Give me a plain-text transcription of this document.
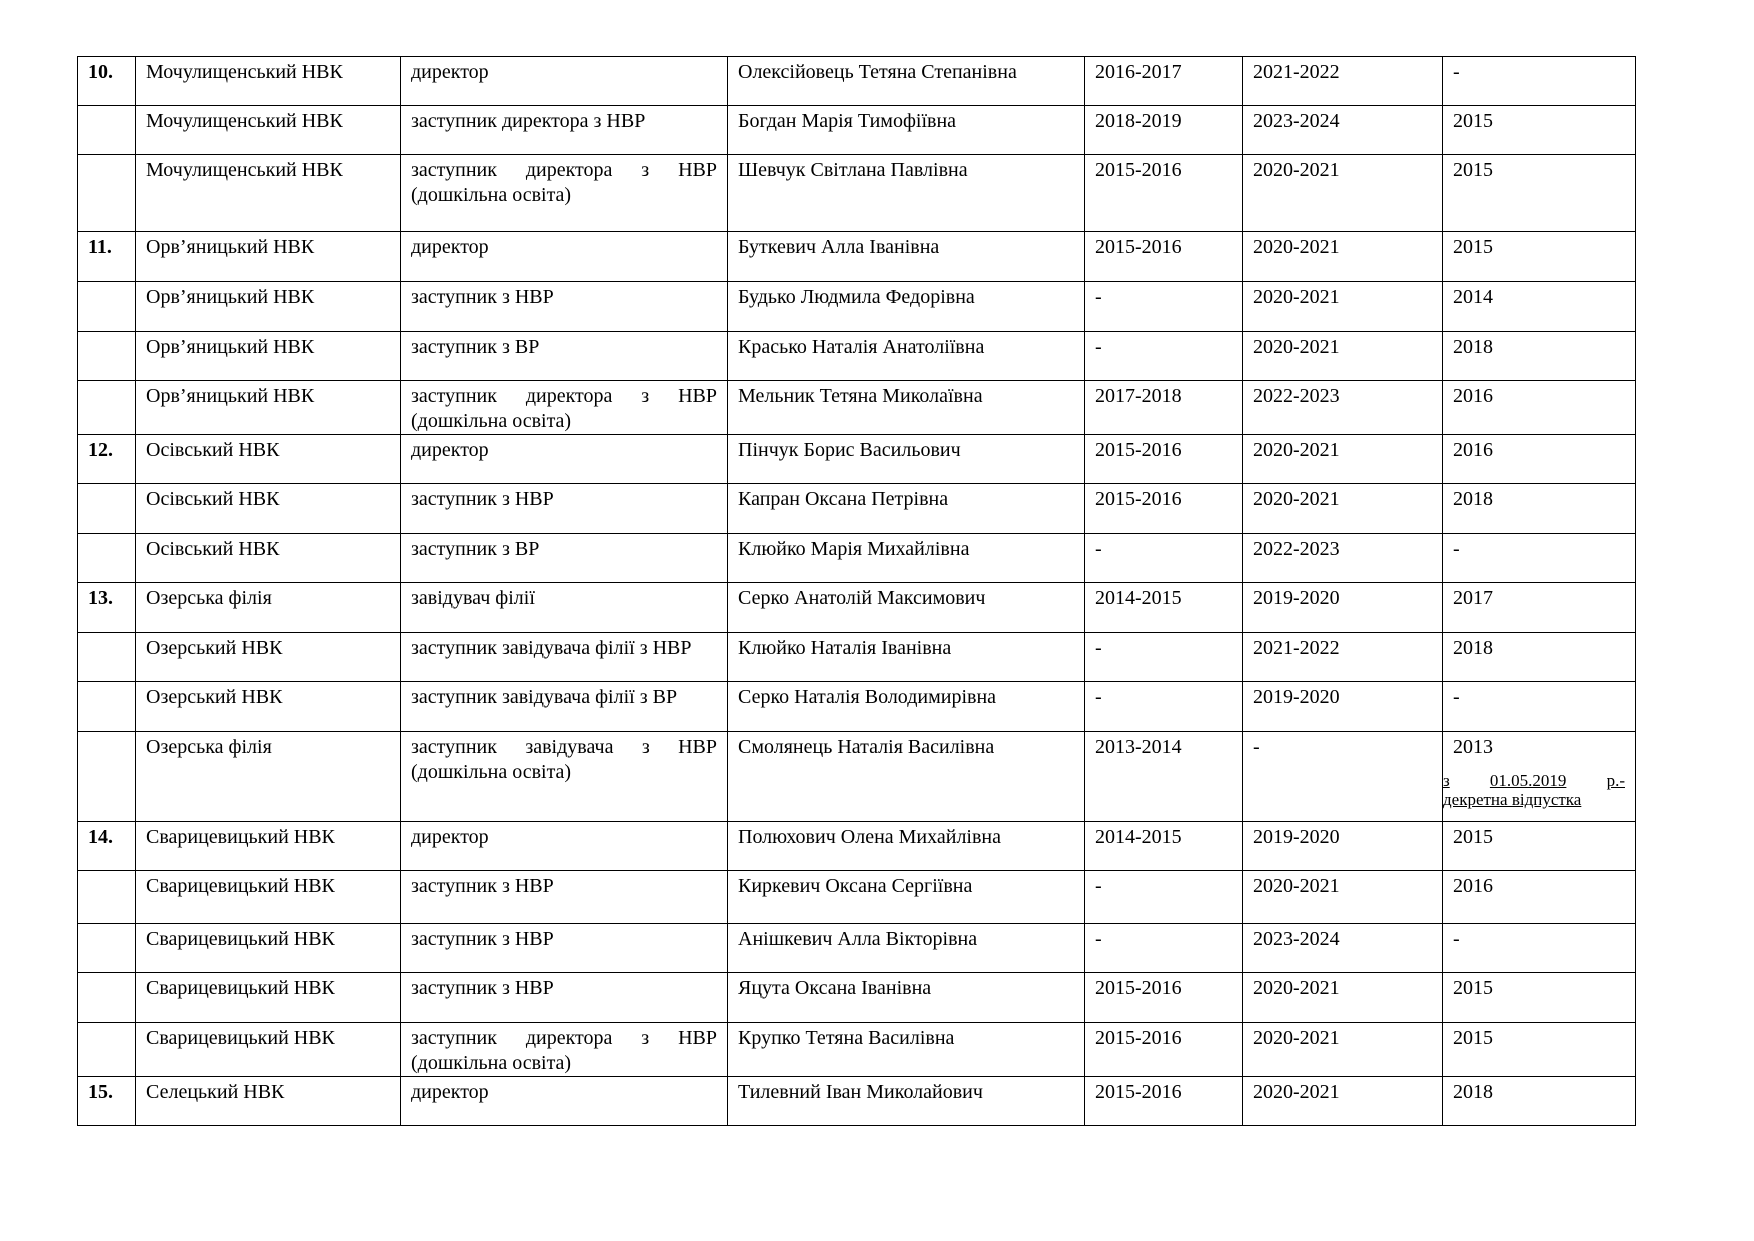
10.	Мочулищенський НВК	директор	Олексійовець Тетяна Степанівна	2016-2017	2021-2022	-
	Мочулищенський НВК	заступник директора з НВР	Богдан Марія Тимофіївна	2018-2019	2023-2024	2015
	Мочулищенський НВК	заступник директора з НВР (дошкільна освіта)	Шевчук Світлана Павлівна	2015-2016	2020-2021	2015
11.	Орв’яницький НВК	директор	Буткевич Алла Іванівна	2015-2016	2020-2021	2015
	Орв’яницький НВК	заступник з НВР	Будько Людмила Федорівна	-	2020-2021	2014
	Орв’яницький НВК	заступник з ВР	Красько Наталія Анатоліївна	-	2020-2021	2018
	Орв’яницький НВК	заступник директора з НВР (дошкільна освіта)	Мельник Тетяна Миколаївна	2017-2018	2022-2023	2016
12.	Осівський НВК	директор	Пінчук Борис Васильович	2015-2016	2020-2021	2016
	Осівський НВК	заступник з НВР	Капран Оксана Петрівна	2015-2016	2020-2021	2018
	Осівський НВК	заступник з ВР	Клюйко Марія Михайлівна	-	2022-2023	-
13.	Озерська філія	завідувач філії	Серко Анатолій Максимович	2014-2015	2019-2020	2017
	Озерський НВК	заступник завідувача філії з НВР	Клюйко Наталія Іванівна	-	2021-2022	2018
	Озерський НВК	заступник завідувача філії з ВР	Серко Наталія Володимирівна	-	2019-2020	-
	Озерська філія	заступник завідувача з НВР (дошкільна освіта)	Смолянець Наталія Василівна	2013-2014	-	2013
з 01.05.2019 р.-
декретна відпустка

14.	Сварицевицький НВК	директор	Полюхович Олена Михайлівна	2014-2015	2019-2020	2015
	Сварицевицький НВК	заступник з НВР	Киркевич Оксана Сергіївна	-	2020-2021	2016
	Сварицевицький НВК	заступник з НВР	Анішкевич Алла Вікторівна	-	2023-2024	-
	Сварицевицький НВК	заступник з НВР	Яцута Оксана Іванівна	2015-2016	2020-2021	2015
	Сварицевицький НВК	заступник директора з НВР (дошкільна освіта)	Крупко Тетяна Василівна	2015-2016	2020-2021	2015
15.	Селецький НВК	директор	Тилевний Іван Миколайович	2015-2016	2020-2021	2018
